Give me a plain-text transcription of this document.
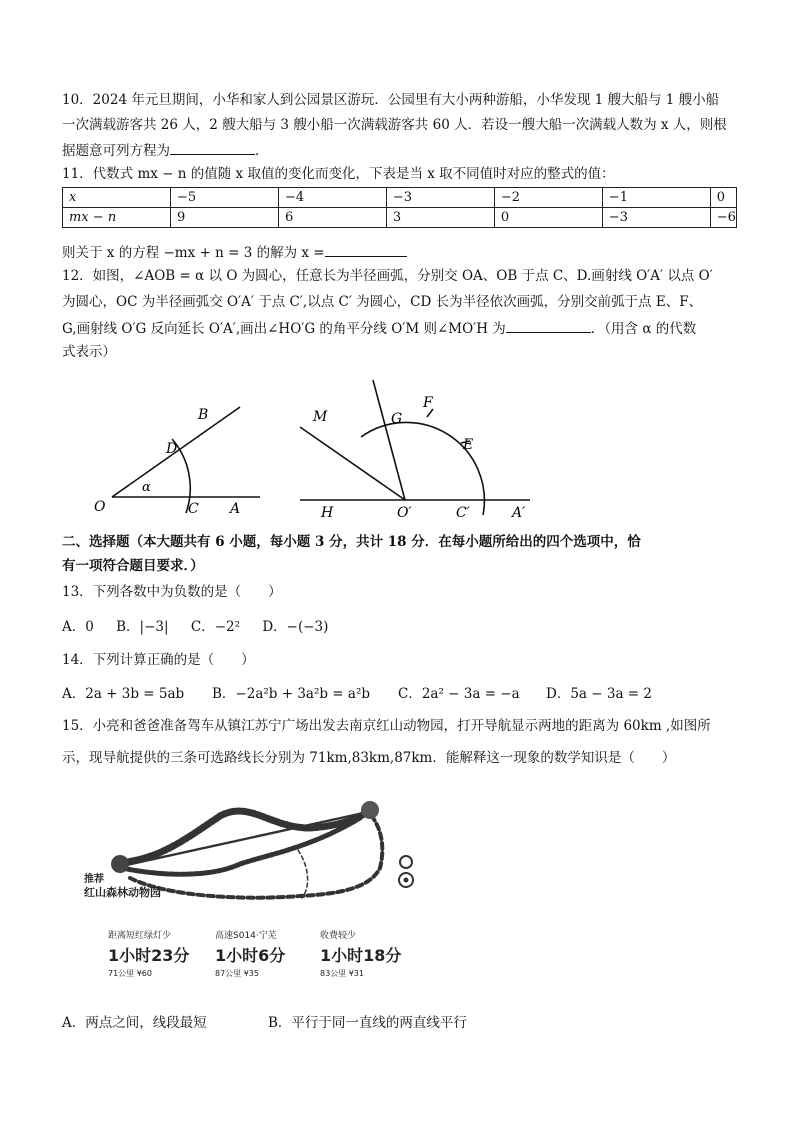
10．2024 年元旦期间，小华和家人到公园景区游玩．公园里有大小两种游船，小华发现 1 艘大船与 1 艘小船
一次满载游客共 26 人，2 艘大船与 3 艘小船一次满载游客共 60 人．若设一艘大船一次满载人数为 x 人，则根
据题意可列方程为	．
11．代数式 mx − n 的值随 x 取值的变化而变化，下表是当 x 取不同值时对应的整式的值：
x	−5	−4	−3	−2	−1	0
mx − n	9	6	3	0	−3	−6
则关于 x 的方程 −mx + n = 3 的解为 x =
12．如图，∠AOB = α 以 O 为圆心，任意长为半径画弧，分别交 OA、OB 于点 C、D.画射线 O′A′ 以点 O′
为圆心，OC 为半径画弧交 O′A′ 于点 C′,以点 C′ 为圆心，CD 长为半径依次画弧，分别交前弧于点 E、F、
G,画射线 O′G 反向延长 O′A′,画出∠HO′G 的角平分线 O′M 则∠MO′H 为	．（用含 α 的代数
式表示）
B
D
α
O	C A
M	G
F
E
H	O′	C′	A′
二、选择题（本大题共有 6 小题，每小题 3 分，共计 18 分．在每小题所给出的四个选项中，恰
有一项符合题目要求．）
13．下列各数中为负数的是（　　）
A．0 B．|−3| C．−2² D．−(−3)
14．下列计算正确的是（　　）
A．2a + 3b = 5ab B．−2a²b + 3a²b = a²b C．2a² − 3a = −a D．5a − 3a = 2
15．小亮和爸爸准备驾车从镇江苏宁广场出发去南京红山动物园，打开导航显示两地的距离为 60km ,如图所
示，现导航提供的三条可选路线长分别为 71km,83km,87km．能解释这一现象的数学知识是（　　）
推荐
红山森林动物园
距离短红绿灯少
1小时23分
71公里 ¥60
高速S014·宁芜
1小时6分
87公里 ¥35
收费较少
1小时18分
83公里 ¥31
A．两点之间，线段最短	B．平行于同一直线的两直线平行
